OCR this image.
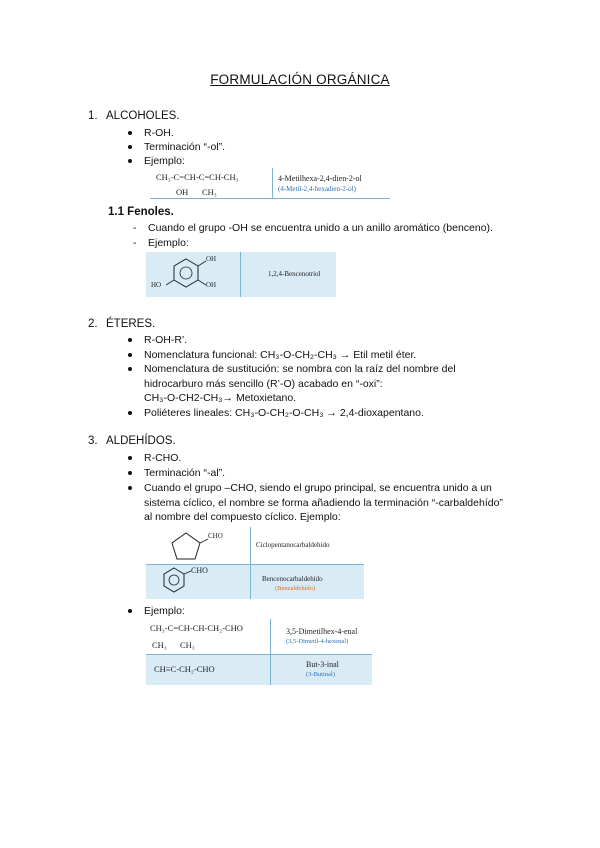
FORMULACIÓN ORGÁNICA
1. ALCOHOLES.
R-OH.
Terminación “-ol”.
Ejemplo:
CH₃-C=CH-C=CH-CH₃
OH CH₃
4-Metilhexa-2,4-dien-2-ol
(4-Metil-2,4-hexadien-2-ol)
1.1 Fenoles.
- Cuando el grupo -OH se encuentra unido a un anillo aromático (benceno).
- Ejemplo:
OH
OH
HO
1,2,4-Bencenotriol
2. ÉTERES.
R-OH-R’.
Nomenclatura funcional: CH₃-O-CH₂-CH₃ → Etil metil éter.
Nomenclatura de sustitución: se nombra con la raíz del nombre del
hidrocarburo más sencillo (R’-O) acabado en “-oxi”:
CH₃-O-CH2-CH₃→ Metoxietano.
Poliéteres lineales: CH₃-O-CH₂-O-CH₃ → 2,4-dioxapentano.
3. ALDEHÍDOS.
R-CHO.
Terminación “-al”.
Cuando el grupo –CHO, siendo el grupo principal, se encuentra unido a un
sistema cíclico, el nombre se forma añadiendo la terminación “-carbaldehído”
al nombre del compuesto cíclico. Ejemplo:
CHO
CHO
Ciclopentanocarbaldehído
Bencenocarbaldehído
(Benzaldehído)
Ejemplo:
CH₃-C=CH-CH-CH₂-CHO
CH₃ CH₃
3,5-Dimetilhex-4-enal
(3,5-Dimetil-4-hexenal)
CH≡C-CH₂-CHO	But-3-inal
(3-Butinal)
